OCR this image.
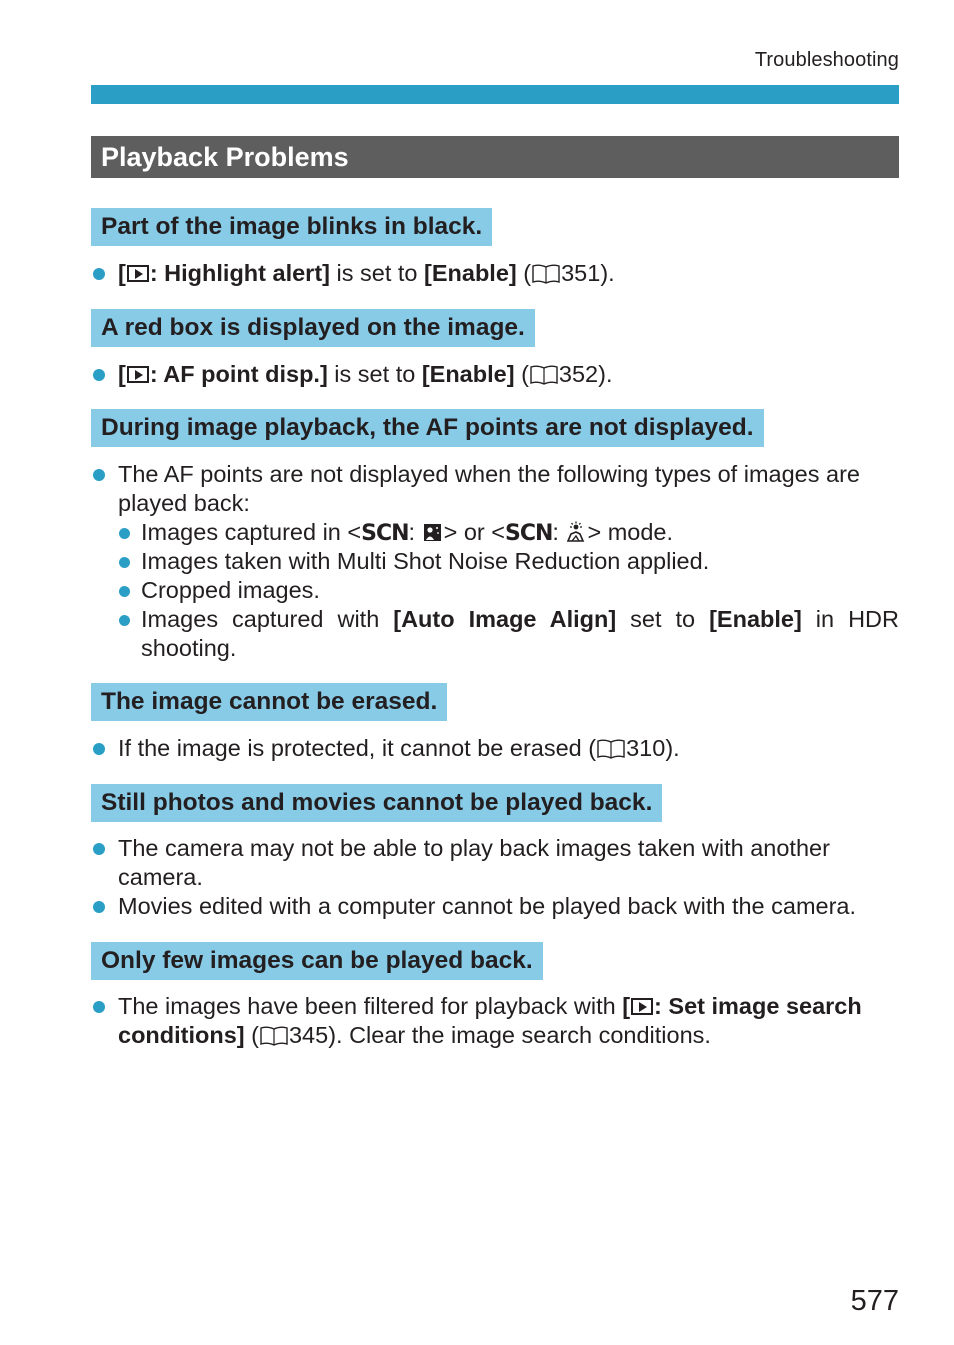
Troubleshooting
Playback Problems
Part of the image blinks in black.
[ : Highlight alert] is set to [Enable] ( 351).
A red box is displayed on the image.
[ : AF point disp.] is set to [Enable] ( 352).
During image playback, the AF points are not displayed.
The AF points are not displayed when the following types of images are played back:
Images captured in <SCN: > or <SCN: > mode.
Images taken with Multi Shot Noise Reduction applied.
Cropped images.
Images captured with [Auto Image Align] set to [Enable] in HDR shooting.
The image cannot be erased.
If the image is protected, it cannot be erased ( 310).
Still photos and movies cannot be played back.
The camera may not be able to play back images taken with another camera.
Movies edited with a computer cannot be played back with the camera.
Only few images can be played back.
The images have been filtered for playback with [ : Set image search conditions] ( 345). Clear the image search conditions.
577
